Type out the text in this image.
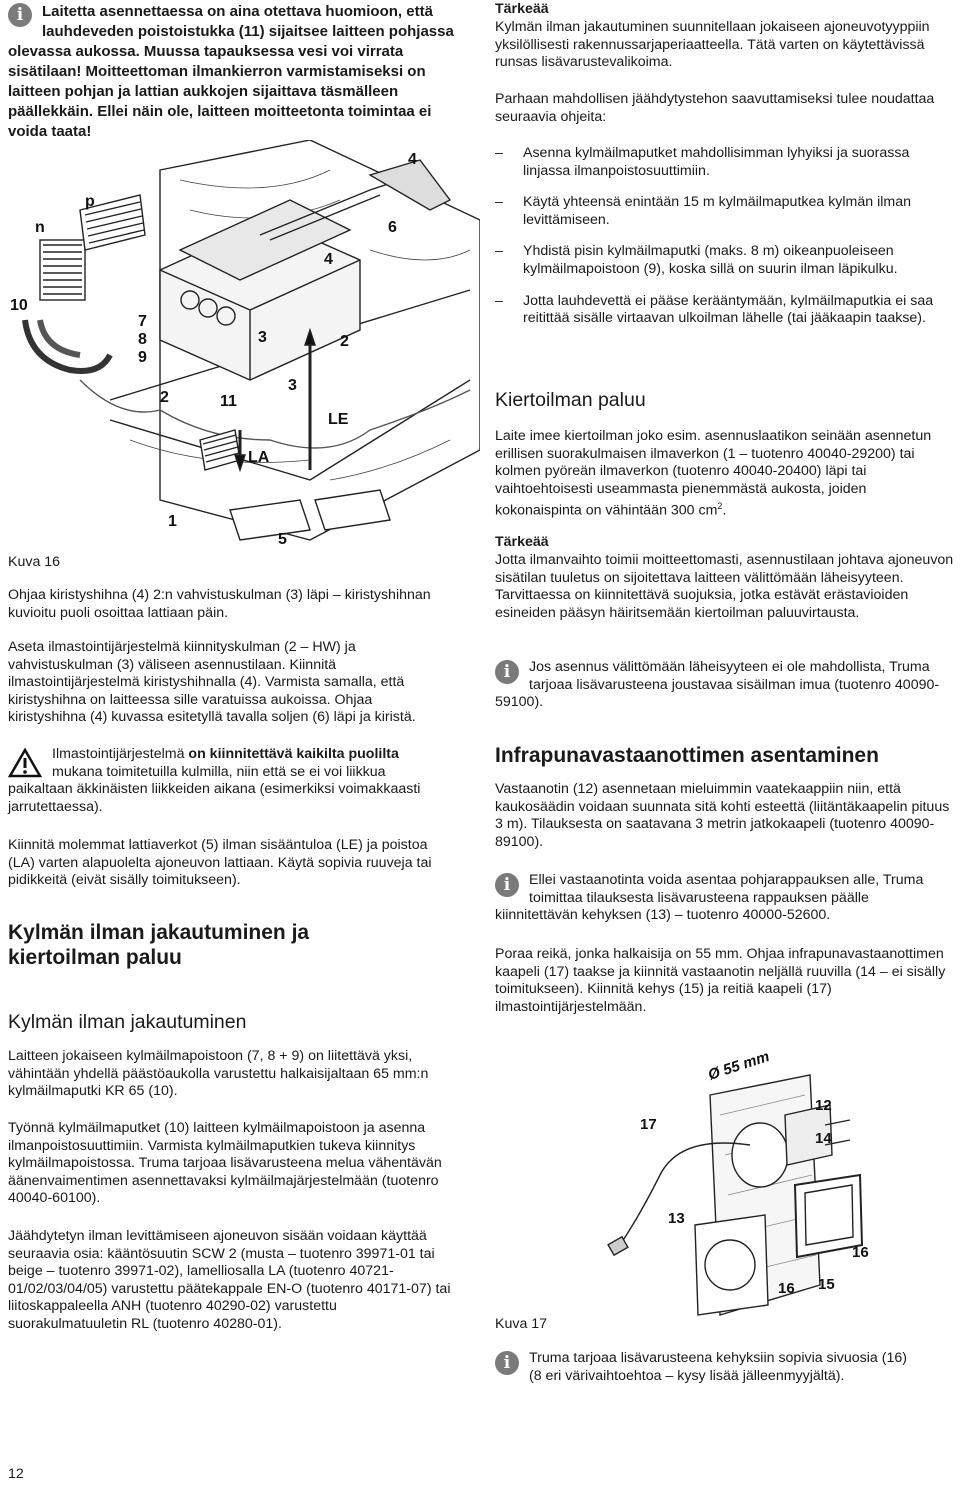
i	Laitetta asennettaessa on aina otettava huomioon, että lauhdeveden poistoistukka (11) sijaitsee laitteen pohjassa olevassa aukossa. Muussa tapauksessa vesi voi virrata sisätilaan! Moitteettoman ilmankierron varmistamiseksi on laitteen pohjan ja lattian aukkojen sijaittava täsmälleen päällekkäin. Ellei näin ole, laitteen moitteetonta toimintaa ei voida taata!

n
p
10
7
8
9
2	11
3
3
4
4
2
6
LE
LA
1
5
Kuva 16

Ohjaa kiristyshihna (4) 2:n vahvistuskulman (3) läpi – kiristyshihnan kuvioitu puoli osoittaa lattiaan päin.

Aseta ilmastointijärjestelmä kiinnityskulman (2 – HW) ja vahvistuskulman (3) väliseen asennustilaan. Kiinnitä ilmastointijärjestelmä kiristyshihnalla (4). Varmista samalla, että kiristyshihna on laitteessa sille varatuissa aukoissa. Ohjaa kiristyshihna (4) kuvassa esitetyllä tavalla soljen (6) läpi ja kiristä.

Ilmastointijärjestelmä on kiinnitettävä kaikilta puolilta mukana toimitetuilla kulmilla, niin että se ei voi liikkua paikaltaan äkkinäisten liikkeiden aikana (esimerkiksi voimakkaasti jarrutettaessa).

Kiinnitä molemmat lattiaverkot (5) ilman sisääntuloa (LE) ja poistoa (LA) varten alapuolelta ajoneuvon lattiaan. Käytä sopivia ruuveja tai pidikkeitä (eivät sisälly toimitukseen).

Kylmän ilman jakautuminen ja kiertoilman paluu
Kylmän ilman jakautuminen

Laitteen jokaiseen kylmäilmapoistoon (7, 8 + 9) on liitettävä yksi, vähintään yhdellä päästöaukolla varustettu halkaisijaltaan 65 mm:n kylmäilmaputki KR 65 (10).

Työnnä kylmäilmaputket (10) laitteen kylmäilmapoistoon ja asenna ilmanpoistosuuttimiin. Varmista kylmäilmaputkien tukeva kiinnitys kylmäilmapoistossa. Truma tarjoaa lisävarusteena melua vähentävän äänenvaimentimen asennettavaksi kylmäilmajärjestelmään (tuotenro 40040-60100).

Jäähdytetyn ilman levittämiseen ajoneuvon sisään voidaan käyttää seuraavia osia: kääntösuutin SCW 2 (musta – tuotenro 39971-01 tai beige – tuotenro 39971-02), lamelliosalla LA (tuotenro 40721-01/02/03/04/05) varustettu päätekappale EN-O (tuotenro 40171-07) tai liitoskappaleella ANH (tuotenro 40290-02) varustettu suorakulmatuuletin RL (tuotenro 40280-01).

12

Tärkeää

Kylmän ilman jakautuminen suunnitellaan jokaiseen ajoneuvotyyppiin yksilöllisesti rakennussarjaperiaatteella. Tätä varten on käytettävissä runsas lisävarustevalikoima.

Parhaan mahdollisen jäähdytystehon saavuttamiseksi tulee noudattaa seuraavia ohjeita:

– Asenna kylmäilmaputket mahdollisimman lyhyiksi ja suorassa linjassa ilmanpoistosuuttimiin.

– Käytä yhteensä enintään 15 m kylmäilmaputkea kylmän ilman levittämiseen.

– Yhdistä pisin kylmäilmaputki (maks. 8 m) oikeanpuoleiseen kylmäilmapoistoon (9), koska sillä on suurin ilman läpikulku.

– Jotta lauhdevettä ei pääse kerääntymään, kylmäilmaputkia ei saa reitittää sisälle virtaavan ulkoilman lähelle (tai jääkaapin taakse).

Kiertoilman paluu

Laite imee kiertoilman joko esim. asennuslaatikon seinään asennetun erillisen suorakulmaisen ilmaverkon (1 – tuotenro 40040-29200) tai kolmen pyöreän ilmaverkon (tuotenro 40040-20400) läpi tai vaihtoehtoisesti useammasta pienemmästä aukosta, joiden kokonaispinta on vähintään 300 $cm^2$.

Tärkeää

Jotta ilmanvaihto toimii moitteettomasti, asennustilaan johtava ajoneuvon sisätilan tuuletus on sijoitettava laitteen välittömään läheisyyteen. Tarvittaessa on kiinnitettävä suojuksia, jotka estävät erästavioiden esineiden pääsyn häiritsemään kiertoilman paluuvirtausta.

i	Jos asennus välittömään läheisyyteen ei ole mahdollista, Truma tarjoaa lisävarusteena joustavaa sisäilman imua (tuotenro 40090-59100).

Infrapunavastaanottimen asentaminen

Vastaanotin (12) asennetaan mieluimmin vaatekaappiin niin, että kaukosäädin voidaan suunnata sitä kohti esteettä (liitäntäkaapelin pituus 3 m). Tilauksesta on saatavana 3 metrin jatkokaapeli (tuotenro 40090-89100).

i	Ellei vastaanotinta voida asentaa pohjarappauksen alle, Truma toimittaa tilauksesta lisävarusteena rappauksen päälle kiinnitettävän kehyksen (13) – tuotenro 40000-52600.

Poraa reikä, jonka halkaisija on 55 mm. Ohjaa infrapunavastaanottimen kaapeli (17) taakse ja kiinnitä vastaanotin neljällä ruuvilla (14 – ei sisälly toimitukseen). Kiinnitä kehys (15) ja reitiä kaapeli (17) ilmastointijärjestelmään.

Ø 55 mm
12
14
17
13
16
16 15
Kuva 17
i	Truma tarjoaa lisävarusteena kehyksiin sopivia sivuosia (16) (8 eri värivaihtoehtoa – kysy lisää jälleenmyyjältä).
